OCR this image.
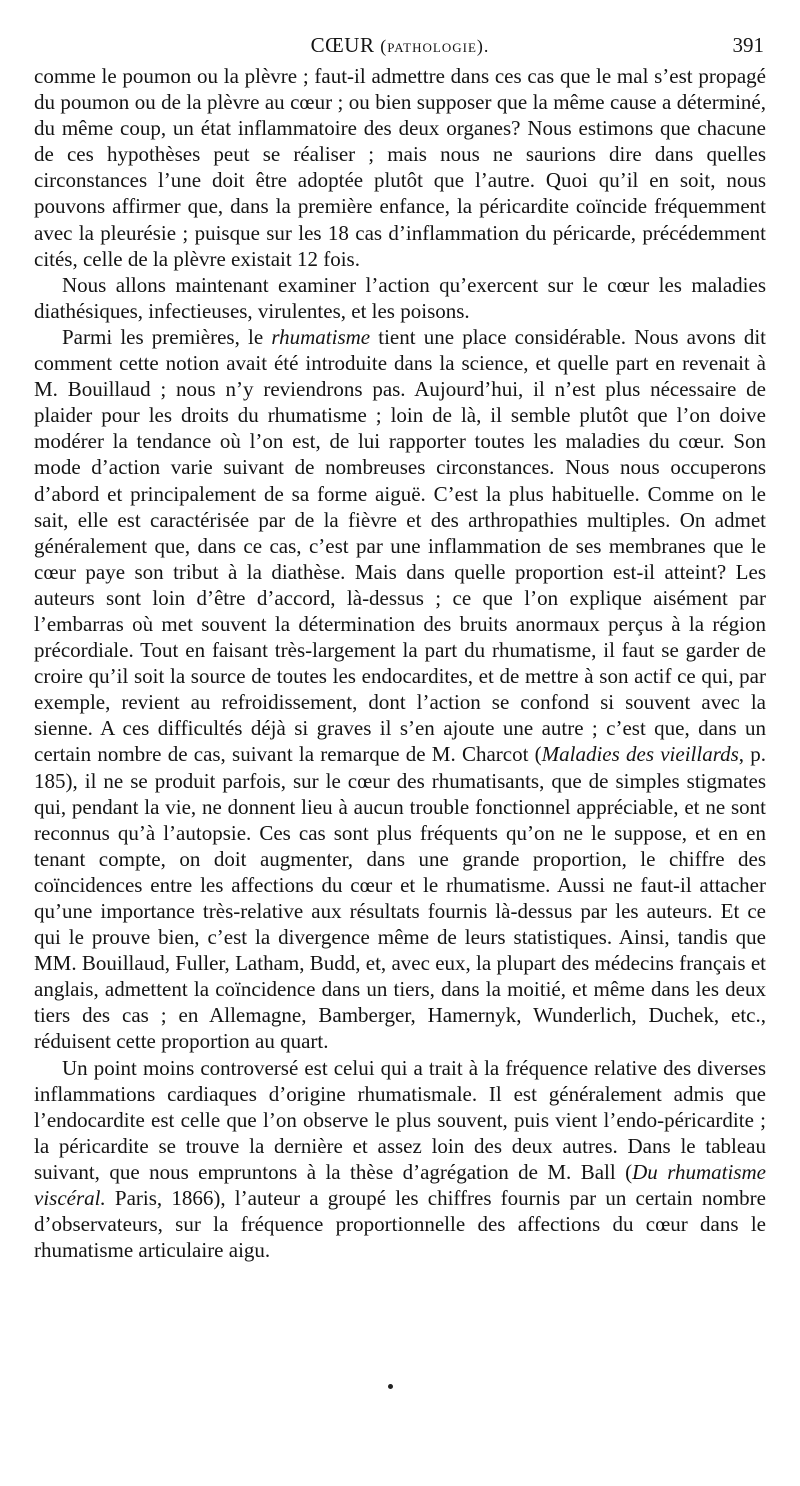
CŒUR (pathologie).	391

comme le poumon ou la plèvre ; faut-il admettre dans ces cas que le mal s’est propagé du poumon ou de la plèvre au cœur ; ou bien supposer que la même cause a déterminé, du même coup, un état inflammatoire des deux organes? Nous estimons que chacune de ces hypothèses peut se réaliser ; mais nous ne saurions dire dans quelles circonstances l’une doit être adoptée plutôt que l’autre. Quoi qu’il en soit, nous pouvons affirmer que, dans la première enfance, la péricardite coïncide fréquemment avec la pleurésie ; puisque sur les 18 cas d’inflammation du péricarde, précédemment cités, celle de la plèvre existait 12 fois.

Nous allons maintenant examiner l’action qu’exercent sur le cœur les maladies diathésiques, infectieuses, virulentes, et les poisons.

Parmi les premières, le rhumatisme tient une place considérable. Nous avons dit comment cette notion avait été introduite dans la science, et quelle part en revenait à M. Bouillaud ; nous n’y reviendrons pas. Aujourd’hui, il n’est plus nécessaire de plaider pour les droits du rhumatisme ; loin de là, il semble plutôt que l’on doive modérer la tendance où l’on est, de lui rapporter toutes les maladies du cœur. Son mode d’action varie suivant de nombreuses circonstances. Nous nous occuperons d’abord et principalement de sa forme aiguë. C’est la plus habituelle. Comme on le sait, elle est caractérisée par de la fièvre et des arthropathies multiples. On admet généralement que, dans ce cas, c’est par une inflammation de ses membranes que le cœur paye son tribut à la diathèse. Mais dans quelle proportion est-il atteint? Les auteurs sont loin d’être d’accord, là-dessus ; ce que l’on explique aisément par l’embarras où met souvent la détermination des bruits anormaux perçus à la région précordiale. Tout en faisant très-largement la part du rhumatisme, il faut se garder de croire qu’il soit la source de toutes les endocardites, et de mettre à son actif ce qui, par exemple, revient au refroidissement, dont l’action se confond si souvent avec la sienne. A ces difficultés déjà si graves il s’en ajoute une autre ; c’est que, dans un certain nombre de cas, suivant la remarque de M. Charcot (Maladies des vieillards, p. 185), il ne se produit parfois, sur le cœur des rhumatisants, que de simples stigmates qui, pendant la vie, ne donnent lieu à aucun trouble fonctionnel appréciable, et ne sont reconnus qu’à l’autopsie. Ces cas sont plus fréquents qu’on ne le suppose, et en en tenant compte, on doit augmenter, dans une grande proportion, le chiffre des coïncidences entre les affections du cœur et le rhumatisme. Aussi ne faut-il attacher qu’une importance très-relative aux résultats fournis là-dessus par les auteurs. Et ce qui le prouve bien, c’est la divergence même de leurs statistiques. Ainsi, tandis que MM. Bouillaud, Fuller, Latham, Budd, et, avec eux, la plupart des médecins français et anglais, admettent la coïncidence dans un tiers, dans la moitié, et même dans les deux tiers des cas ; en Allemagne, Bamberger, Hamernyk, Wunderlich, Duchek, etc., réduisent cette proportion au quart.

Un point moins controversé est celui qui a trait à la fréquence relative des diverses inflammations cardiaques d’origine rhumatismale. Il est généralement admis que l’endocardite est celle que l’on observe le plus souvent, puis vient l’endo-péricardite ; la péricardite se trouve la dernière et assez loin des deux autres. Dans le tableau suivant, que nous empruntons à la thèse d’agrégation de M. Ball (Du rhumatisme viscéral. Paris, 1866), l’auteur a groupé les chiffres fournis par un certain nombre d’observateurs, sur la fréquence proportionnelle des affections du cœur dans le rhumatisme articulaire aigu.
